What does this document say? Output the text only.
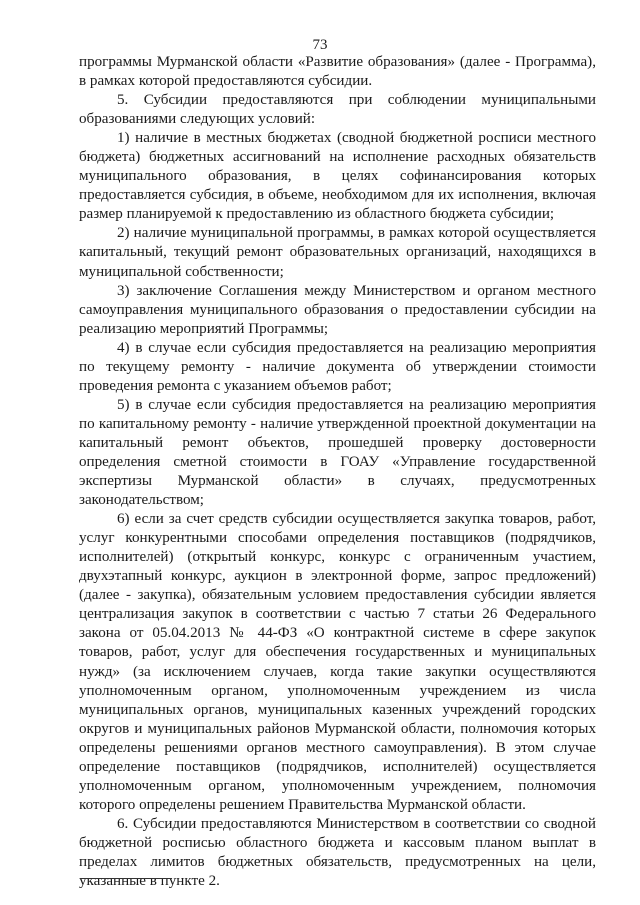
73

программы Мурманской области «Развитие образования» (далее - Программа), в рамках которой предоставляются субсидии.

5. Субсидии предоставляются при соблюдении муниципальными образованиями следующих условий:

1) наличие в местных бюджетах (сводной бюджетной росписи местного бюджета) бюджетных ассигнований на исполнение расходных обязательств муниципального образования, в целях софинансирования которых предоставляется субсидия, в объеме, необходимом для их исполнения, включая размер планируемой к предоставлению из областного бюджета субсидии;

2) наличие муниципальной программы, в рамках которой осуществляется капитальный, текущий ремонт образовательных организаций, находящихся в муниципальной собственности;

3) заключение Соглашения между Министерством и органом местного самоуправления муниципального образования о предоставлении субсидии на реализацию мероприятий Программы;

4) в случае если субсидия предоставляется на реализацию мероприятия по текущему ремонту - наличие документа об утверждении стоимости проведения ремонта с указанием объемов работ;

5) в случае если субсидия предоставляется на реализацию мероприятия по капитальному ремонту - наличие утвержденной проектной документации на капитальный ремонт объектов, прошедшей проверку достоверности определения сметной стоимости в ГОАУ «Управление государственной экспертизы Мурманской области» в случаях, предусмотренных законодательством;

6) если за счет средств субсидии осуществляется закупка товаров, работ, услуг конкурентными способами определения поставщиков (подрядчиков, исполнителей) (открытый конкурс, конкурс с ограниченным участием, двухэтапный конкурс, аукцион в электронной форме, запрос предложений) (далее - закупка), обязательным условием предоставления субсидии является централизация закупок в соответствии с частью 7 статьи 26 Федерального закона от 05.04.2013 № 44-ФЗ «О контрактной системе в сфере закупок товаров, работ, услуг для обеспечения государственных и муниципальных нужд» (за исключением случаев, когда такие закупки осуществляются уполномоченным органом, уполномоченным учреждением из числа муниципальных органов, муниципальных казенных учреждений городских округов и муниципальных районов Мурманской области, полномочия которых определены решениями органов местного самоуправления). В этом случае определение поставщиков (подрядчиков, исполнителей) осуществляется уполномоченным органом, уполномоченным учреждением, полномочия которого определены решением Правительства Мурманской области.

6. Субсидии предоставляются Министерством в соответствии со сводной бюджетной росписью областного бюджета и кассовым планом выплат в пределах лимитов бюджетных обязательств, предусмотренных на цели, указанные в пункте 2.
